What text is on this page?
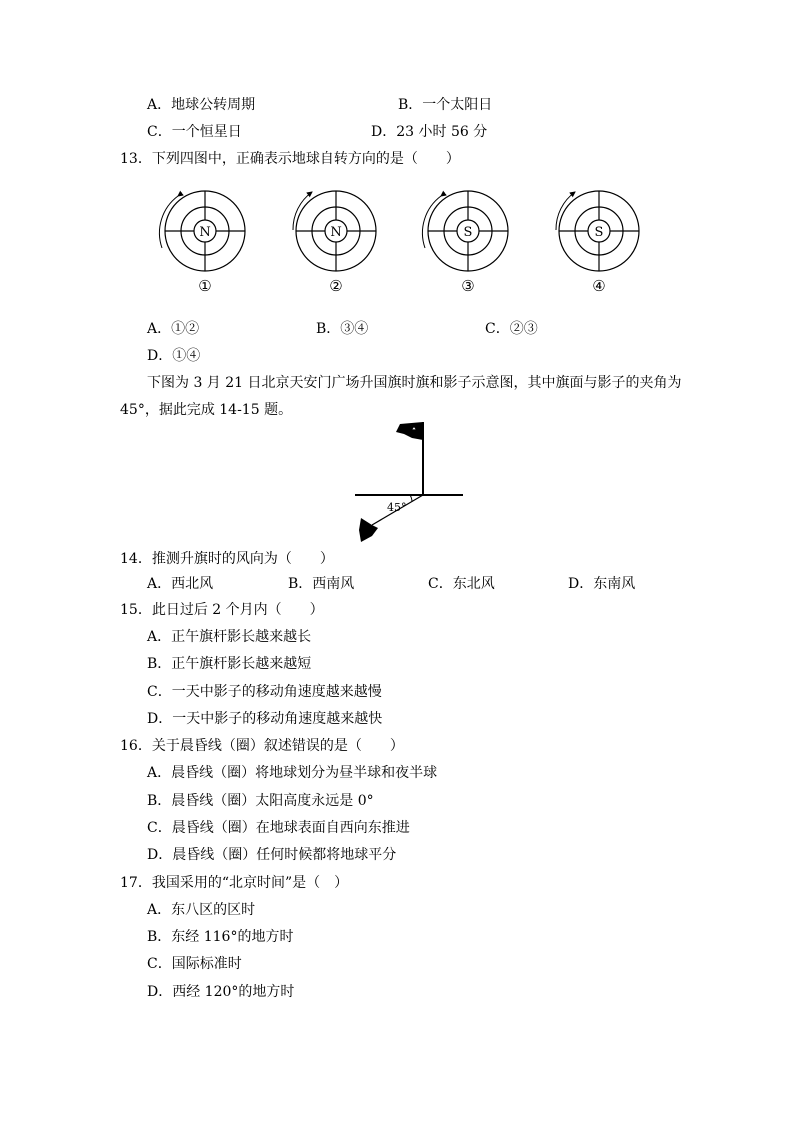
A．地球公转周期	B．一个太阳日
C．一个恒星日	D．23 小时 56 分
13．下列四图中，正确表示地球自转方向的是（　　）
N
①
N
②
S
③
S
④
A．①②	B．③④	C．②③
D．①④
下图为 3 月 21 日北京天安门广场升国旗时旗和影子示意图，其中旗面与影子的夹角为
45°，据此完成 14-15 题。
45°
14．推测升旗时的风向为（　　）
A．西北风	B．西南风	C．东北风	D．东南风
15．此日过后 2 个月内（　　）
A．正午旗杆影长越来越长
B．正午旗杆影长越来越短
C．一天中影子的移动角速度越来越慢
D．一天中影子的移动角速度越来越快
16．关于晨昏线（圈）叙述错误的是（　　）
A．晨昏线（圈）将地球划分为昼半球和夜半球
B．晨昏线（圈）太阳高度永远是 0°
C．晨昏线（圈）在地球表面自西向东推进
D．晨昏线（圈）任何时候都将地球平分
17．我国采用的“北京时间”是（　）
A．东八区的区时
B．东经 116°的地方时
C．国际标准时
D．西经 120°的地方时
